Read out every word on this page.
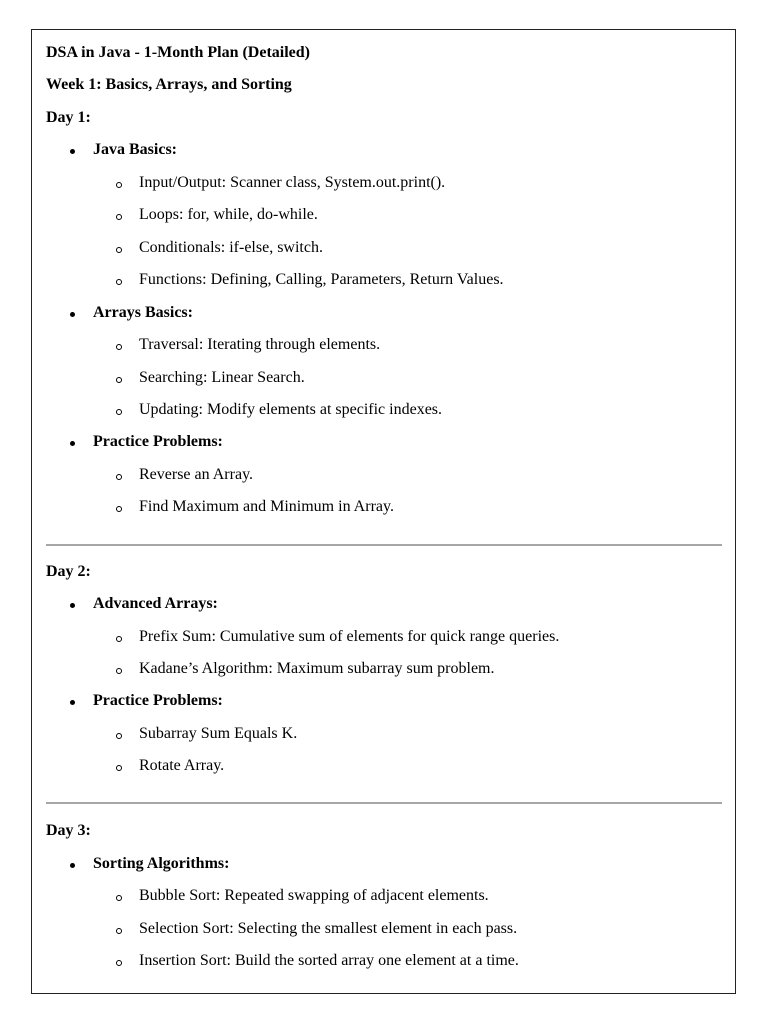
DSA in Java - 1-Month Plan (Detailed)
Week 1: Basics, Arrays, and Sorting
Day 1:
Java Basics:
Input/Output: Scanner class, System.out.print().
Loops: for, while, do-while.
Conditionals: if-else, switch.
Functions: Defining, Calling, Parameters, Return Values.
Arrays Basics:
Traversal: Iterating through elements.
Searching: Linear Search.
Updating: Modify elements at specific indexes.
Practice Problems:
Reverse an Array.
Find Maximum and Minimum in Array.
Day 2:
Advanced Arrays:
Prefix Sum: Cumulative sum of elements for quick range queries.
Kadane’s Algorithm: Maximum subarray sum problem.
Practice Problems:
Subarray Sum Equals K.
Rotate Array.
Day 3:
Sorting Algorithms:
Bubble Sort: Repeated swapping of adjacent elements.
Selection Sort: Selecting the smallest element in each pass.
Insertion Sort: Build the sorted array one element at a time.
